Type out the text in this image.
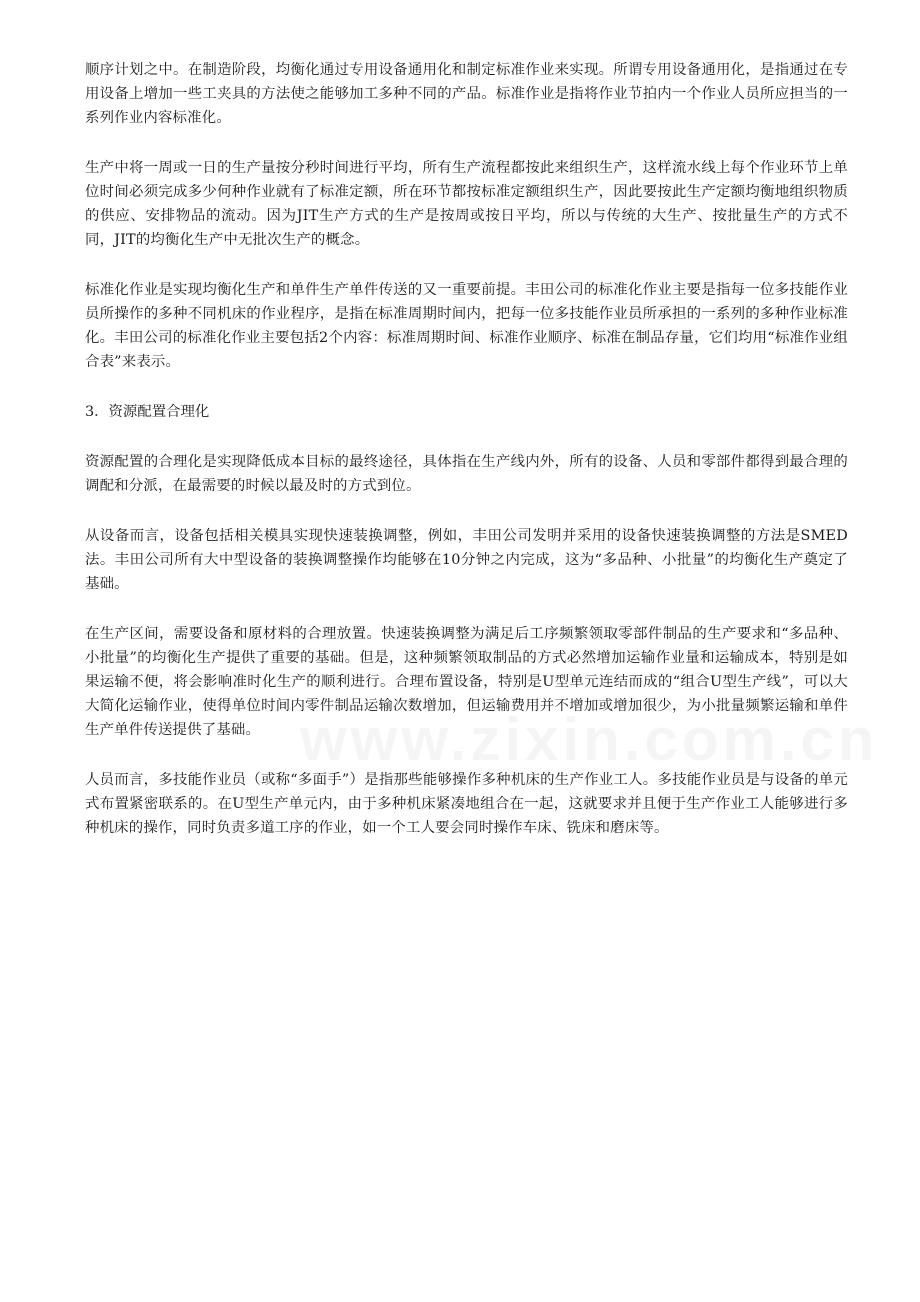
顺序计划之中。在制造阶段，均衡化通过专用设备通用化和制定标准作业来实现。所谓专用设备通用化，是指通过在专用设备上增加一些工夹具的方法使之能够加工多种不同的产品。标准作业是指将作业节拍内一个作业人员所应担当的一系列作业内容标准化。

生产中将一周或一日的生产量按分秒时间进行平均，所有生产流程都按此来组织生产，这样流水线上每个作业环节上单位时间必须完成多少何种作业就有了标准定额，所在环节都按标准定额组织生产，因此要按此生产定额均衡地组织物质的供应、安排物品的流动。因为JIT生产方式的生产是按周或按日平均，所以与传统的大生产、按批量生产的方式不同，JIT的均衡化生产中无批次生产的概念。

标准化作业是实现均衡化生产和单件生产单件传送的又一重要前提。丰田公司的标准化作业主要是指每一位多技能作业员所操作的多种不同机床的作业程序，是指在标准周期时间内，把每一位多技能作业员所承担的一系列的多种作业标准化。丰田公司的标准化作业主要包括2个内容：标准周期时间、标准作业顺序、标准在制品存量，它们均用“标准作业组合表”来表示。

3．资源配置合理化

资源配置的合理化是实现降低成本目标的最终途径，具体指在生产线内外，所有的设备、人员和零部件都得到最合理的调配和分派，在最需要的时候以最及时的方式到位。

从设备而言，设备包括相关模具实现快速装换调整，例如，丰田公司发明并采用的设备快速装换调整的方法是SMED法。丰田公司所有大中型设备的装换调整操作均能够在10分钟之内完成，这为“多品种、小批量”的均衡化生产奠定了基础。

在生产区间，需要设备和原材料的合理放置。快速装换调整为满足后工序频繁领取零部件制品的生产要求和“多品种、小批量”的均衡化生产提供了重要的基础。但是，这种频繁领取制品的方式必然增加运输作业量和运输成本，特别是如果运输不便，将会影响准时化生产的顺利进行。合理布置设备，特别是U型单元连结而成的“组合U型生产线”，可以大大简化运输作业，使得单位时间内零件制品运输次数增加，但运输费用并不增加或增加很少，为小批量频繁运输和单件生产单件传送提供了基础。

人员而言，多技能作业员（或称“多面手”）是指那些能够操作多种机床的生产作业工人。多技能作业员是与设备的单元式布置紧密联系的。在U型生产单元内，由于多种机床紧凑地组合在一起，这就要求并且便于生产作业工人能够进行多种机床的操作，同时负责多道工序的作业，如一个工人要会同时操作车床、铣床和磨床等。
